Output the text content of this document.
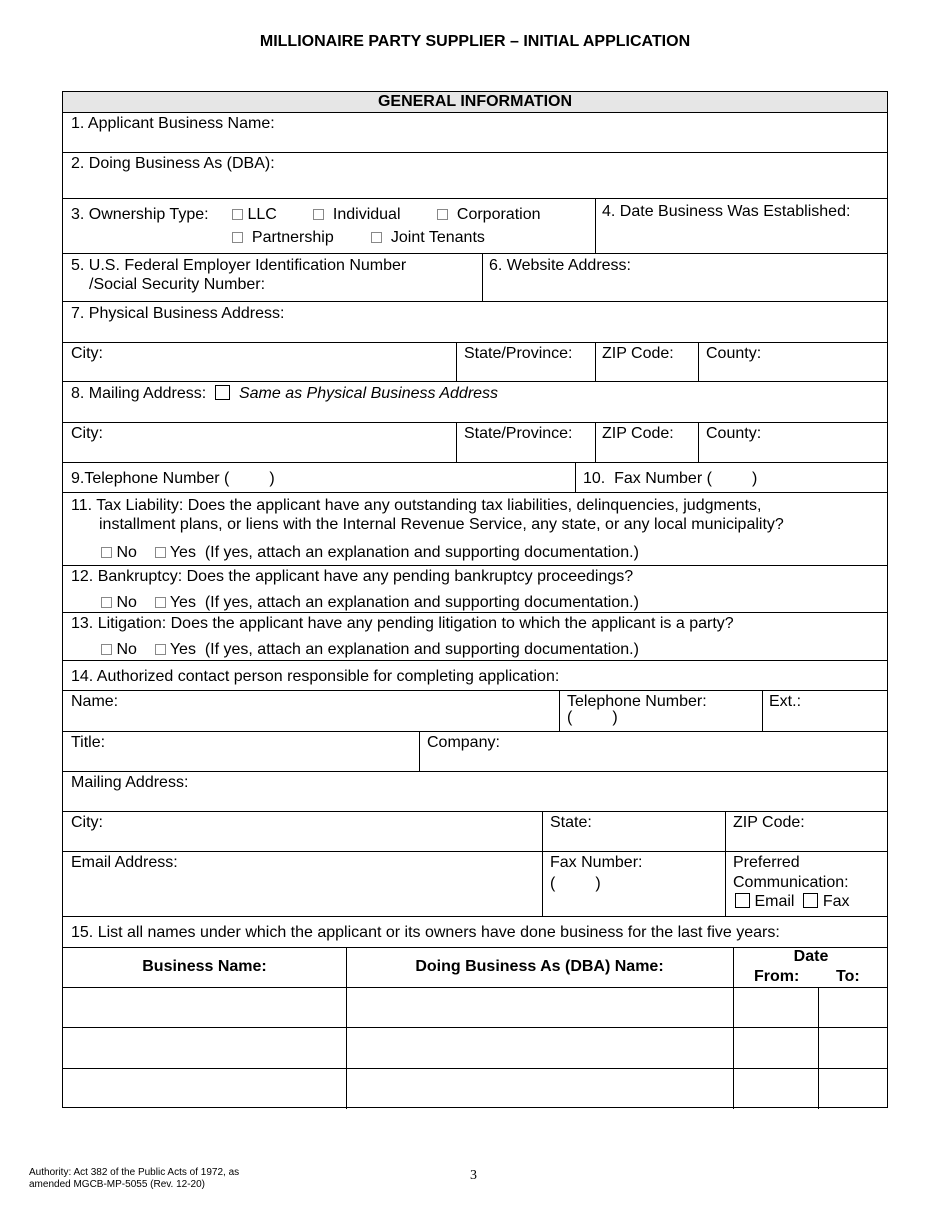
MILLIONAIRE PARTY SUPPLIER – INITIAL APPLICATION
GENERAL INFORMATION
1. Applicant Business Name:
2. Doing Business As (DBA):
3. Ownership Type:	LLC	Individual	Corporation
Partnership	Joint Tenants
4. Date Business Was Established:
5. U.S. Federal Employer Identification Number
/Social Security Number:
6. Website Address:
7. Physical Business Address:
City:	State/Province: ZIP Code: County:
8. Mailing Address: Same as Physical Business Address
City:	State/Province: ZIP Code: County:
9.Telephone Number (         )	10.  Fax Number (         )
11. Tax Liability: Does the applicant have any outstanding tax liabilities, delinquencies, judgments,
installment plans, or liens with the Internal Revenue Service, any state, or any local municipality?
No Yes (If yes, attach an explanation and supporting documentation.)
12. Bankruptcy: Does the applicant have any pending bankruptcy proceedings?
No Yes (If yes, attach an explanation and supporting documentation.)
13. Litigation: Does the applicant have any pending litigation to which the applicant is a party?
No Yes (If yes, attach an explanation and supporting documentation.)
14. Authorized contact person responsible for completing application:
Name:	Telephone Number:
(         )
Ext.:
Title:	Company:
Mailing Address:
City:	State:	ZIP Code:
Email Address:	Fax Number:
(         )
Preferred
Communication:
Email Fax
15. List all names under which the applicant or its owners have done business for the last five years:
Business Name:	Doing Business As (DBA) Name:
Date
From: To:
Authority: Act 382 of the Public Acts of 1972, as
amended MGCB-MP-5055 (Rev. 12-20)
3
